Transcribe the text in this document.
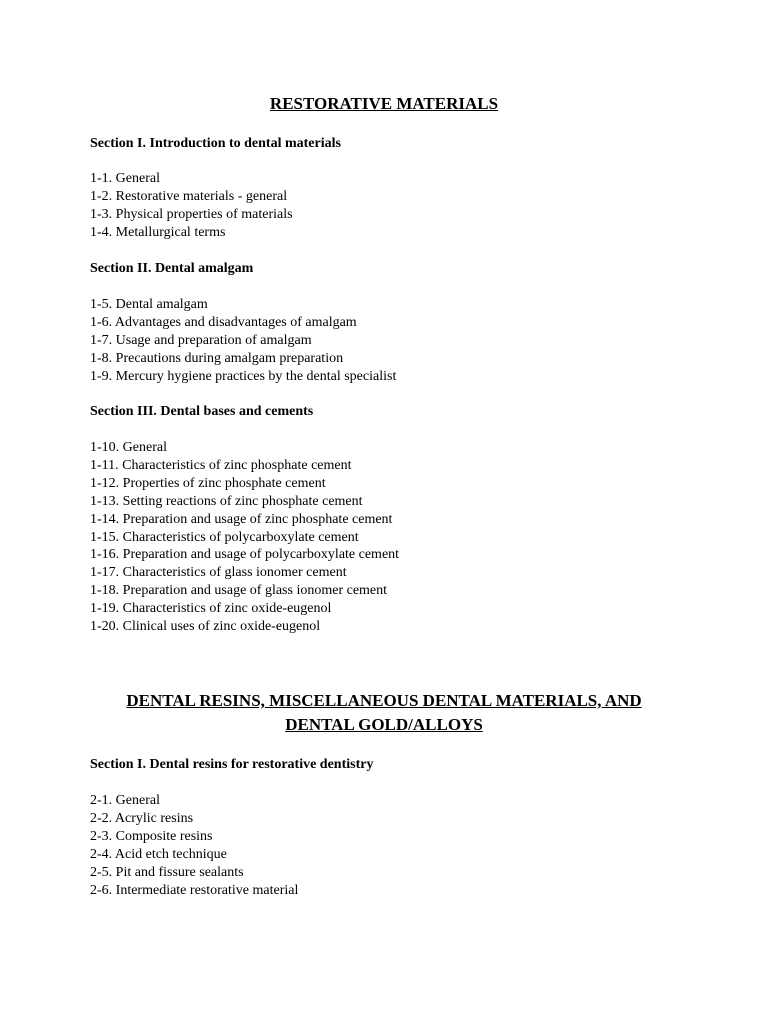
RESTORATIVE MATERIALS

Section I. Introduction to dental materials

1-1. General
1-2. Restorative materials - general
1-3. Physical properties of materials
1-4. Metallurgical terms

Section II. Dental amalgam

1-5. Dental amalgam
1-6. Advantages and disadvantages of amalgam
1-7. Usage and preparation of amalgam
1-8. Precautions during amalgam preparation
1-9. Mercury hygiene practices by the dental specialist

Section III. Dental bases and cements

1-10. General
1-11. Characteristics of zinc phosphate cement
1-12. Properties of zinc phosphate cement
1-13. Setting reactions of zinc phosphate cement
1-14. Preparation and usage of zinc phosphate cement
1-15. Characteristics of polycarboxylate cement
1-16. Preparation and usage of polycarboxylate cement
1-17. Characteristics of glass ionomer cement
1-18. Preparation and usage of glass ionomer cement
1-19. Characteristics of zinc oxide-eugenol
1-20. Clinical uses of zinc oxide-eugenol
DENTAL RESINS, MISCELLANEOUS DENTAL MATERIALS, AND
DENTAL GOLD/ALLOYS

Section I. Dental resins for restorative dentistry

2-1. General
2-2. Acrylic resins
2-3. Composite resins
2-4. Acid etch technique
2-5. Pit and fissure sealants
2-6. Intermediate restorative material
